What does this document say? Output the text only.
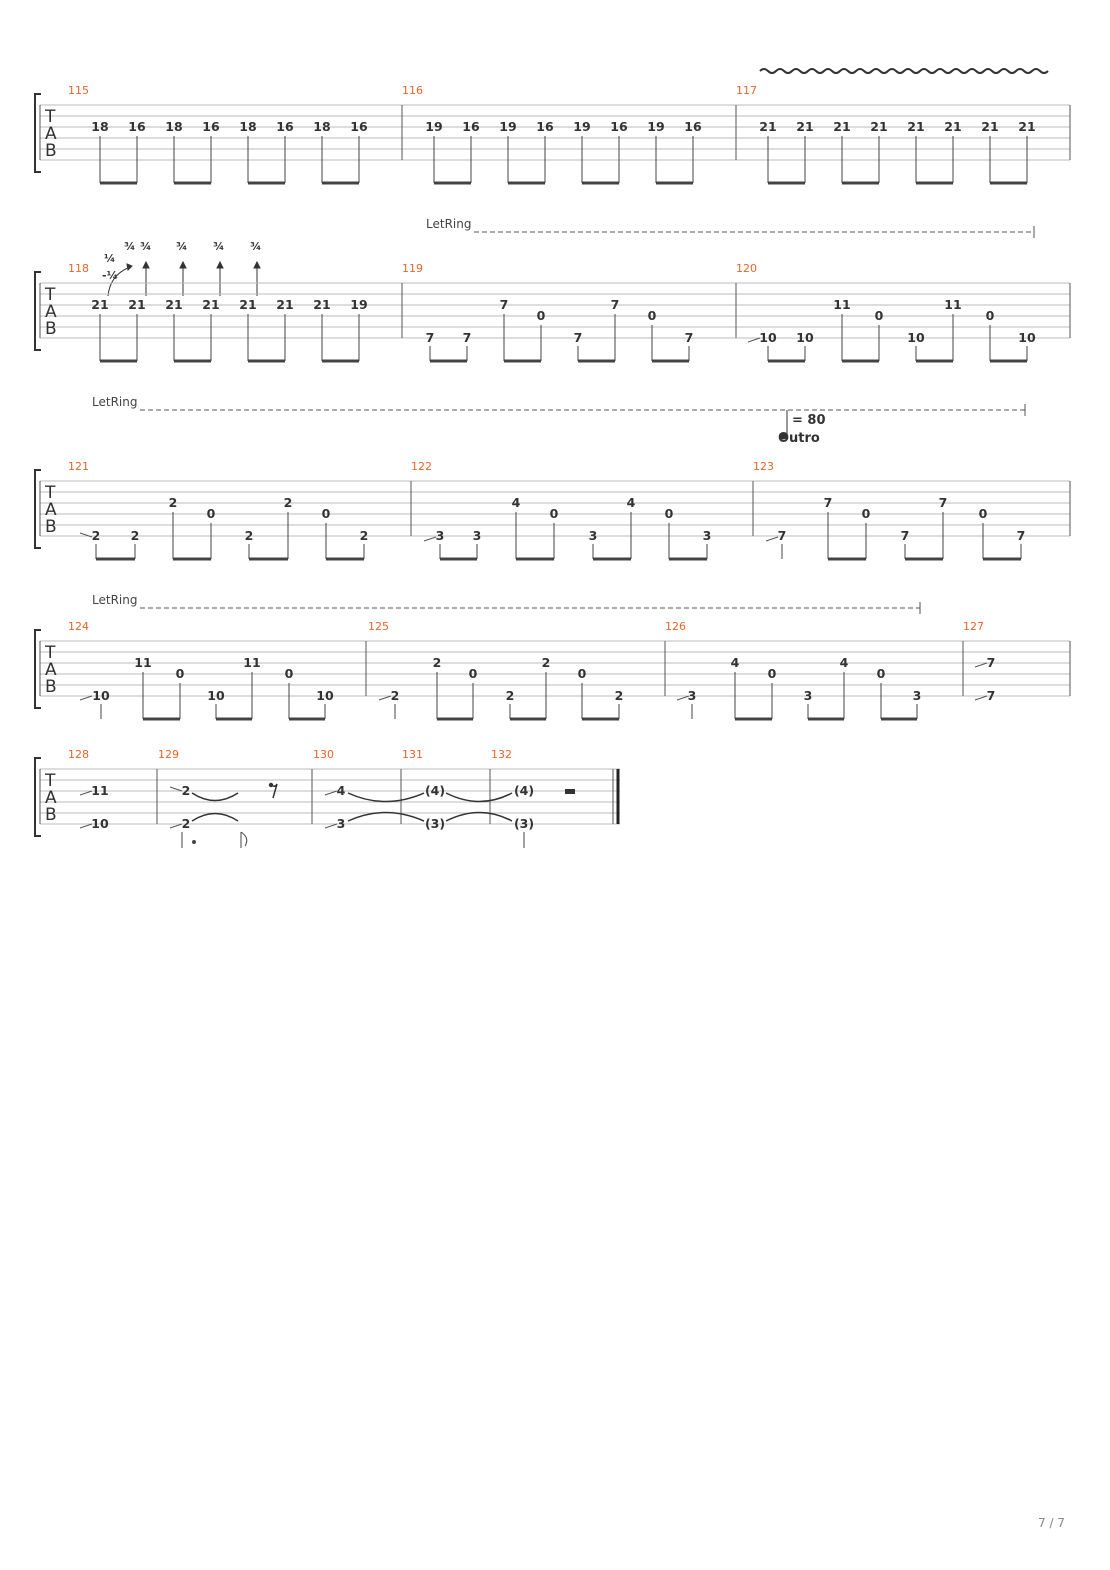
T
A
B
115	116	117
18 16 18 16 18 16 18 16	19 16 19 16 19 16 19 16	21 21 21 21 21 21 21 21
LetRing
¼
-¼
¾ ¾ ¾ ¾ ¾
T
A
B
118	119	120
21 21 21 21 21 21 21 19
7 7
7
0
7
7
0
7	10 10
11
0
10
11
0
10
LetRing
= 80
Outro
T
A
B
121	122	123
2 2
2
0
2
2
0
2	3 3
4
0
3
4
0
3	7
7
0
7
7
0
7
LetRing
T
A
B
124	125	126	127
10
11
0
10
11
0
10	2
2
0
2
2
0
2	3
4
0
3
4
0
3
7
7
T
A
B
128	129	130	131	132
11
10
2
2
4
3
(4)
(3)
(4)
(3)
7 / 7
